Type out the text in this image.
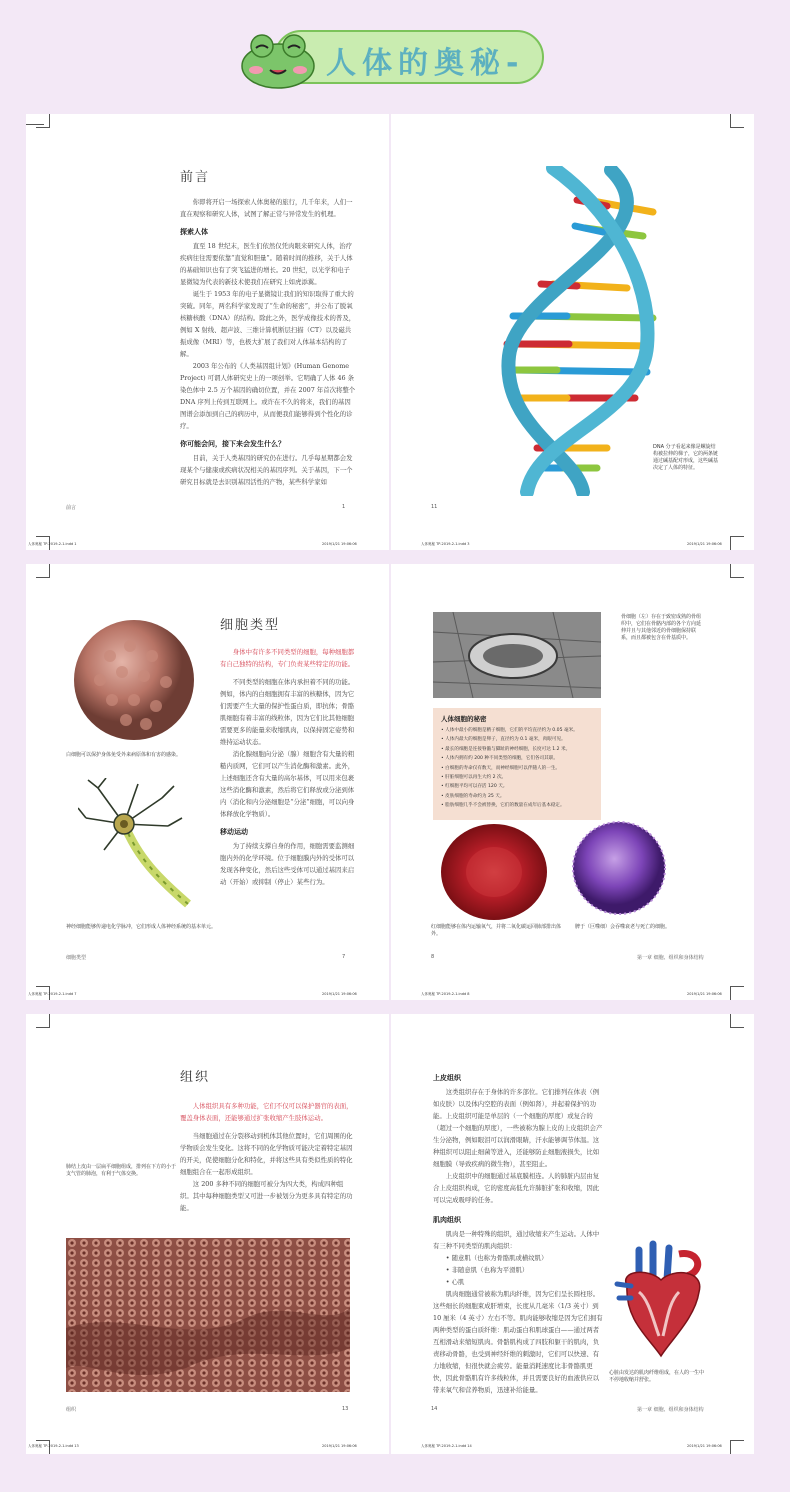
人体的奥秘-
前言

你即将开启一场探索人体奥秘的旅行，几千年来，人们一直在观察和研究人体，试图了解正常与异常发生的机理。

探索人体

直至 18 世纪末，医生们依然仅凭肉眼来研究人体，治疗疾病往往需要依靠“直觉和胆量”。随着时间的推移，关于人体的基础知识也有了突飞猛进的增长。20 世纪，以光学和电子显微镜为代表的新技术使我们在研究上如虎添翼。

诞生于 1953 年的电子显微镜让我们的知识取得了重大的突破。同年，两名科学家发现了“生命的秘密”，并公布了脱氧核糖核酸（DNA）的结构。除此之外，医学成像技术的普及，例如 X 射线、超声波、三维计算机断层扫描（CT）以及磁共振成像（MRI）等，也极大扩展了我们对人体基本结构的了解。

2003 年公布的《人类基因组计划》(Human Genome Project) 可谓人体研究史上的一项创举。它明确了人体 46 条染色体中 2.5 万个基因的确切位置，并在 2007 年首次将整个 DNA 序列上传到互联网上。或许在不久的将来，我们的基因图谱会添加到自己的病历中，从而便我们能够得到个性化的诊疗。

你可能会问，接下来会发生什么？

目前，关于人类基因的研究仍在进行。几乎每星期都会发现某个与健康或疾病状况相关的基因序列。关于基因，下一个研究目标就是去识别基因活性的产物，某些科学家如

前言	1
人体奥秘 TP-2019-2-1.indd 1	2019/1/21 19:06:06
DNA 分子看起来像是螺旋结构被拉伸的梯子，它的两条链通过碱基配对形成，这些碱基决定了人体的特征。
11
人体奥秘 TP-2019-2-1.indd 3	2019/1/21 19:06:06
白细胞可以保护身体免受外来病原体和有害的感染。
神经细胞能够传递电化学脉冲，它们形成人体神经系统的基本单元。
细胞类型

身体中有许多不同类型的细胞，每种细胞都有自己独特的结构，专门负责某些特定的功能。

不同类型的细胞在体内承担着不同的功能。例如，体内的白细胞拥有丰富的核糖体，因为它们需要产生大量的保护性蛋白质，即抗体；骨骼肌细胞有着丰富的线粒体，因为它们比其他细胞需要更多的能量来收缩肌肉，以保持固定姿势和维持运动状态。

消化腺细胞向分泌（腺）细胞含有大量的粗糙内质网，它们可以产生消化酶和激素。此外，上述细胞还含有大量的高尔基体，可以用来包裹这些消化酶和激素，然后将它们释放或分泌到体内（消化和内分泌细胞是“分泌”细胞，可以向身体释放化学物质）。

移动运动

为了持续支撑自身的作用，细胞需要监测细胞内外的化学环境。位于细胞膜内外的受体可以发现各种变化，然后这些受体可以通过基因来启动（开始）或抑制（停止）某些行为。

细胞类型	7
人体奥秘 TP-2019-2-1.indd 7	2019/1/21 19:06:06
骨细胞（左）存在于致密成熟的骨组织中，它们在骨骼内部的各个方向延伸并且与其他邻近的骨细胞保持联系，而且都被包含在骨基质中。
人体细胞的秘密
• 人体中最小的细胞是精子细胞，它们的平均直径约为 0.05 毫米。
• 人体内最大的细胞是卵子，直径约为 0.1 毫米，肉眼可见。
• 最长的细胞是连接脊髓与脚趾的神经细胞，长度可达 1.2 米。
• 人体内拥有约 200 种不同类型的细胞，它们各司其职。
• 白细胞的寿命仅有数天，而神经细胞可以伴随人的一生。
• 肝脏细胞可以再生大约 2 次。
• 红细胞平均可以存活 120 天。
• 皮肤细胞的寿命约为 25 天。
• 脂肪细胞几乎不会被替换，它们的数量在成年后基本稳定。
红细胞能够在体内运输氧气，并将二氧化碳运回肺部排出体外。
脾于（巨噬细）会吞噬衰老与死亡的细胞。
8	第一章 细胞、组织和身体结构
人体奥秘 TP-2019-2-1.indd 8	2019/1/21 19:06:06
组织

人体组织具有多种功能，它们不仅可以保护器官的表面，覆盖身体表面，还能够通过扩张收缩产生肢体运动。

当细胞通过在分裂移动到机体其他位置时，它们周围的化学物质会发生变化。这将不同的化学物质可能决定着特定基因的开关，促使细胞分化和特化，并将这些具有类似性质的特化细胞组合在一起形成组织。

这 200 多种不同的细胞可被分为四大类，构成四种组织。其中每种细胞类型又可进一步被划分为更多具有特定的功能。

肺结上皮由一层扁平细胞组成，排列在下方的小于支气管的肺泡，有利于气体交换。
组织	13
人体奥秘 TP-2019-2-1.indd 13	2019/1/21 19:06:06
上皮组织

这类组织存在于身体的许多部位。它们排列在体表（例如皮肤）以及体内空腔的表面（例如肾），并起着保护的功能。上皮组织可能是单层的（一个细胞的厚度）或复合的（超过一个细胞的厚度），一些被称为腺上皮的上皮组织会产生分泌物，例如眼泪可以润滑眼睛，汗水能够调节体温。这种组织可以阻止细菌等进入，还能够防止细胞液损失，比如细胞膜（导致疾病的微生物），甚至阻止。

上皮组织中的细胞通过基底膜相连。人的肺脏内层由复合上皮组织构成，它的密度高低允许肺脏扩张和收缩，因此可以完成吸呼的任务。

肌肉组织

肌肉是一种特殊的组织，通过收缩来产生运动。人体中有三种不同类型的肌肉组织：

• 随意肌（也称为骨骼肌或横纹肌）
• 非随意肌（也称为平滑肌）
• 心肌

肌肉细胞通常被称为肌肉纤维，因为它们呈长圆柱形。这些细长的细胞束成肝增束，长度从几毫米（1/3 英寸）到 10 厘米（4 英寸）左右不等。肌肉能够收缩是因为它们拥有两种类型的蛋白质纤维：肌动蛋白和肌球蛋白——通过两者互相滑动来缩短肌肉。骨骼肌构成了四肢和躯干的肌肉，负责移动骨骼，也受到神经纤维的刺激时，它们可以快速、有力地收缩，但很快就会疲劳。能量消耗速度比非骨骼肌更快，因此骨骼肌有许多线粒体，并且需要良好的血液供应以带来氧气和营养物质，迅速补给能量。

心脏由发达的肌肉纤维组成，在人的一生中不停地收缩并舒张。
14	第一章 细胞、组织和身体结构
人体奥秘 TP-2019-2-1.indd 14	2019/1/21 19:06:06
